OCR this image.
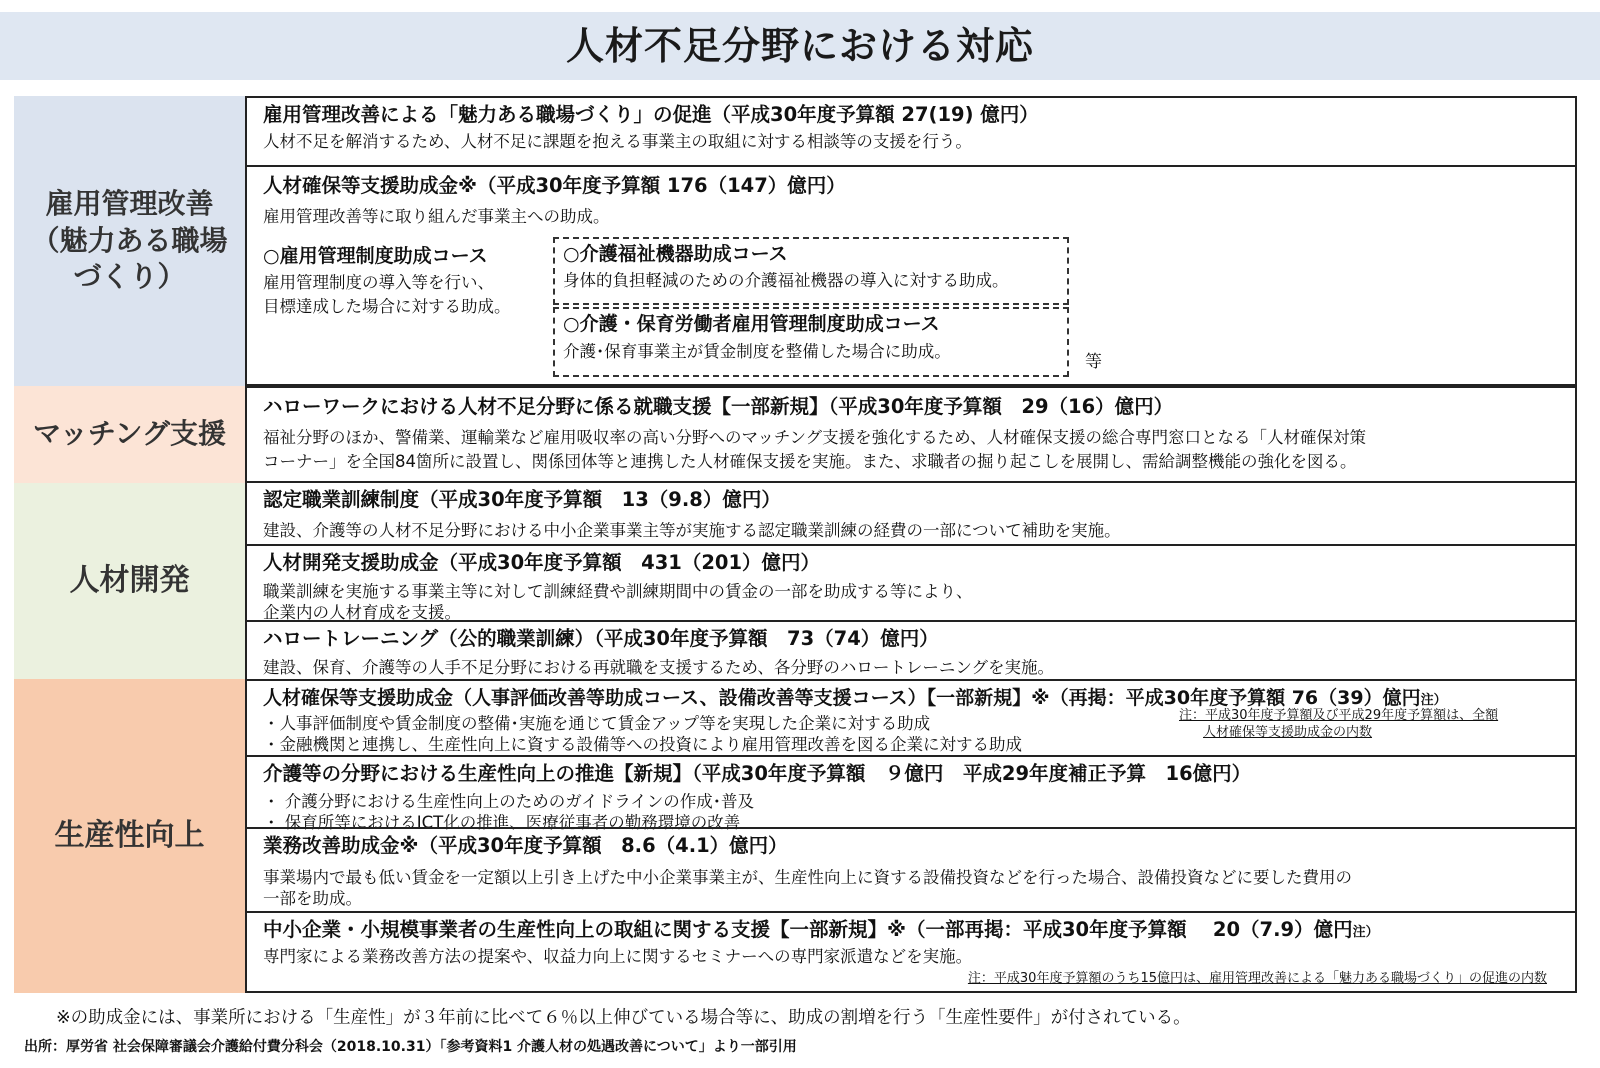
人材不足分野における対応
雇用管理改善
（魅力ある職場
づくり）
マッチング支援
人材開発
生産性向上
雇用管理改善による「魅力ある職場づくり」の促進（平成30年度予算額 27(19) 億円）
人材不足を解消するため、人材不足に課題を抱える事業主の取組に対する相談等の支援を行う。
人材確保等支援助成金※（平成30年度予算額 176（147）億円）
雇用管理改善等に取り組んだ事業主への助成。
○雇用管理制度助成コース
雇用管理制度の導入等を行い、
目標達成した場合に対する助成。
○介護福祉機器助成コース
身体的負担軽減のための介護福祉機器の導入に対する助成。
○介護・保育労働者雇用管理制度助成コース
介護･保育事業主が賃金制度を整備した場合に助成。
等
ハローワークにおける人材不足分野に係る就職支援【一部新規】（平成30年度予算額　29（16）億円）
福祉分野のほか、警備業、運輸業など雇用吸収率の高い分野へのマッチング支援を強化するため、人材確保支援の総合専門窓口となる「人材確保対策
コーナー」を全国84箇所に設置し、関係団体等と連携した人材確保支援を実施。また、求職者の掘り起こしを展開し、需給調整機能の強化を図る。
認定職業訓練制度（平成30年度予算額　13（9.8）億円）
建設、介護等の人材不足分野における中小企業事業主等が実施する認定職業訓練の経費の一部について補助を実施。
人材開発支援助成金（平成30年度予算額　431（201）億円）
職業訓練を実施する事業主等に対して訓練経費や訓練期間中の賃金の一部を助成する等により、
企業内の人材育成を支援。
ハロートレーニング（公的職業訓練）（平成30年度予算額　73（74）億円）
建設、保育、介護等の人手不足分野における再就職を支援するため、各分野のハロートレーニングを実施。
人材確保等支援助成金（人事評価改善等助成コース、設備改善等支援コース）【一部新規】※（再掲：平成30年度予算額 76（39）億円注）
・人事評価制度や賃金制度の整備･実施を通じて賃金アップ等を実現した企業に対する助成
・金融機関と連携し、生産性向上に資する設備等への投資により雇用管理改善を図る企業に対する助成
注：平成30年度予算額及び平成29年度予算額は、全額
人材確保等支援助成金の内数
介護等の分野における生産性向上の推進【新規】（平成30年度予算額　９億円　平成29年度補正予算　16億円）
・ 介護分野における生産性向上のためのガイドラインの作成･普及
・ 保育所等におけるICT化の推進、医療従事者の勤務環境の改善
業務改善助成金※（平成30年度予算額　8.6（4.1）億円）
事業場内で最も低い賃金を一定額以上引き上げた中小企業事業主が、生産性向上に資する設備投資などを行った場合、設備投資などに要した費用の
一部を助成。
中小企業・小規模事業者の生産性向上の取組に関する支援【一部新規】※（一部再掲：平成30年度予算額　 20（7.9）億円注）
専門家による業務改善方法の提案や、収益力向上に関するセミナーへの専門家派遣などを実施。
注：平成30年度予算額のうち15億円は、雇用管理改善による「魅力ある職場づくり」の促進の内数
※の助成金には、事業所における「生産性」が３年前に比べて６％以上伸びている場合等に、助成の割増を行う「生産性要件」が付されている。
出所：厚労省 社会保障審議会介護給付費分科会（2018.10.31）「参考資料1 介護人材の処遇改善について」より一部引用
